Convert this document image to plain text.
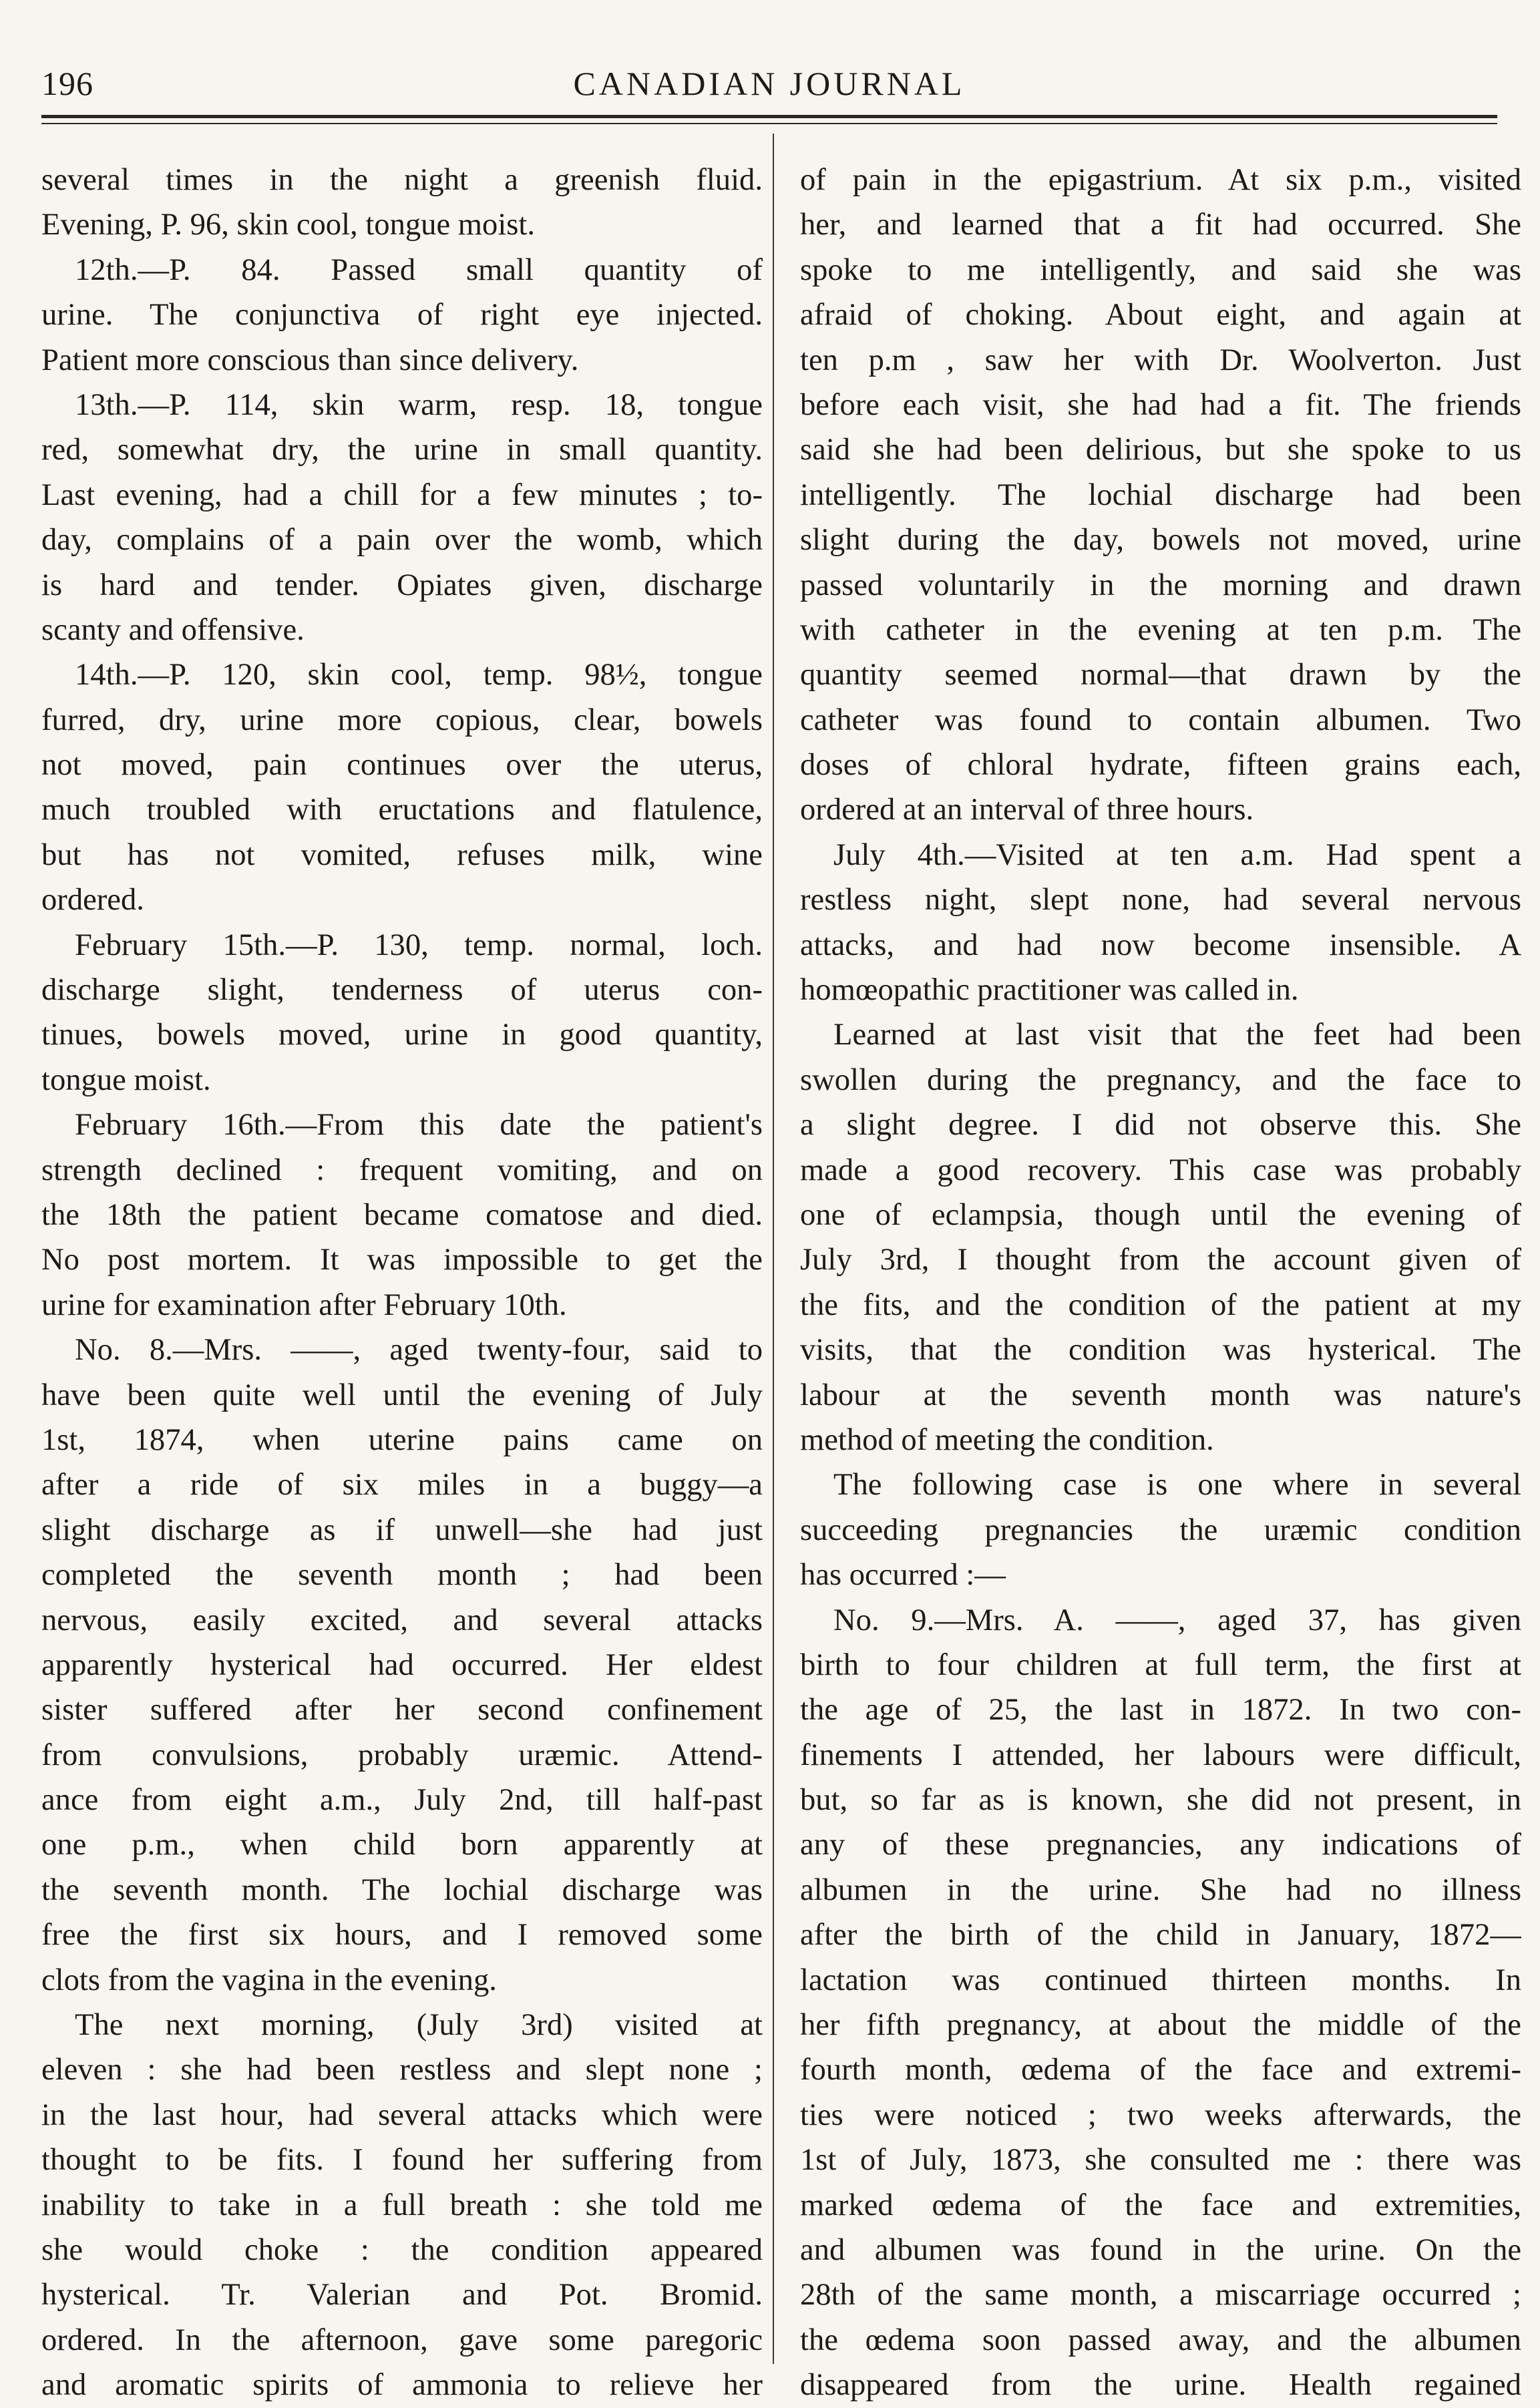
196	CANADIAN JOURNAL
several times in the night a greenish fluid.
Evening, P. 96, skin cool, tongue moist.
12th.—P. 84. Passed small quantity of
urine. The conjunctiva of right eye injected.
Patient more conscious than since delivery.
13th.—P. 114, skin warm, resp. 18, tongue
red, somewhat dry, the urine in small quantity.
Last evening, had a chill for a few minutes ; to-
day, complains of a pain over the womb, which
is hard and tender. Opiates given, discharge
scanty and offensive.
14th.—P. 120, skin cool, temp. 98½, tongue
furred, dry, urine more copious, clear, bowels
not moved, pain continues over the uterus,
much troubled with eructations and flatulence,
but has not vomited, refuses milk, wine
ordered.
February 15th.—P. 130, temp. normal, loch.
discharge slight, tenderness of uterus con-
tinues, bowels moved, urine in good quantity,
tongue moist.
February 16th.—From this date the patient's
strength declined : frequent vomiting, and on
the 18th the patient became comatose and died.
No post mortem. It was impossible to get the
urine for examination after February 10th.
No. 8.—Mrs. ——, aged twenty-four, said to
have been quite well until the evening of July
1st, 1874, when uterine pains came on
after a ride of six miles in a buggy—a
slight discharge as if unwell—she had just
completed the seventh month ; had been
nervous, easily excited, and several attacks
apparently hysterical had occurred. Her eldest
sister suffered after her second confinement
from convulsions, probably uræmic. Attend-
ance from eight a.m., July 2nd, till half-past
one p.m., when child born apparently at
the seventh month. The lochial discharge was
free the first six hours, and I removed some
clots from the vagina in the evening.
The next morning, (July 3rd) visited at
eleven : she had been restless and slept none ;
in the last hour, had several attacks which were
thought to be fits. I found her suffering from
inability to take in a full breath : she told me
she would choke : the condition appeared
hysterical. Tr. Valerian and Pot. Bromid.
ordered. In the afternoon, gave some paregoric
and aromatic spirits of ammonia to relieve her
of pain in the epigastrium. At six p.m., visited
her, and learned that a fit had occurred. She
spoke to me intelligently, and said she was
afraid of choking. About eight, and again at
ten p.m , saw her with Dr. Woolverton. Just
before each visit, she had had a fit. The friends
said she had been delirious, but she spoke to us
intelligently. The lochial discharge had been
slight during the day, bowels not moved, urine
passed voluntarily in the morning and drawn
with catheter in the evening at ten p.m. The
quantity seemed normal—that drawn by the
catheter was found to contain albumen. Two
doses of chloral hydrate, fifteen grains each,
ordered at an interval of three hours.
July 4th.—Visited at ten a.m. Had spent a
restless night, slept none, had several nervous
attacks, and had now become insensible. A
homœopathic practitioner was called in.
Learned at last visit that the feet had been
swollen during the pregnancy, and the face to
a slight degree. I did not observe this. She
made a good recovery. This case was probably
one of eclampsia, though until the evening of
July 3rd, I thought from the account given of
the fits, and the condition of the patient at my
visits, that the condition was hysterical. The
labour at the seventh month was nature's
method of meeting the condition.
The following case is one where in several
succeeding pregnancies the uræmic condition
has occurred :—
No. 9.—Mrs. A. ——, aged 37, has given
birth to four children at full term, the first at
the age of 25, the last in 1872. In two con-
finements I attended, her labours were difficult,
but, so far as is known, she did not present, in
any of these pregnancies, any indications of
albumen in the urine. She had no illness
after the birth of the child in January, 1872—
lactation was continued thirteen months. In
her fifth pregnancy, at about the middle of the
fourth month, œdema of the face and extremi-
ties were noticed ; two weeks afterwards, the
1st of July, 1873, she consulted me : there was
marked œdema of the face and extremities,
and albumen was found in the urine. On the
28th of the same month, a miscarriage occurred ;
the œdema soon passed away, and the albumen
disappeared from the urine. Health regained
